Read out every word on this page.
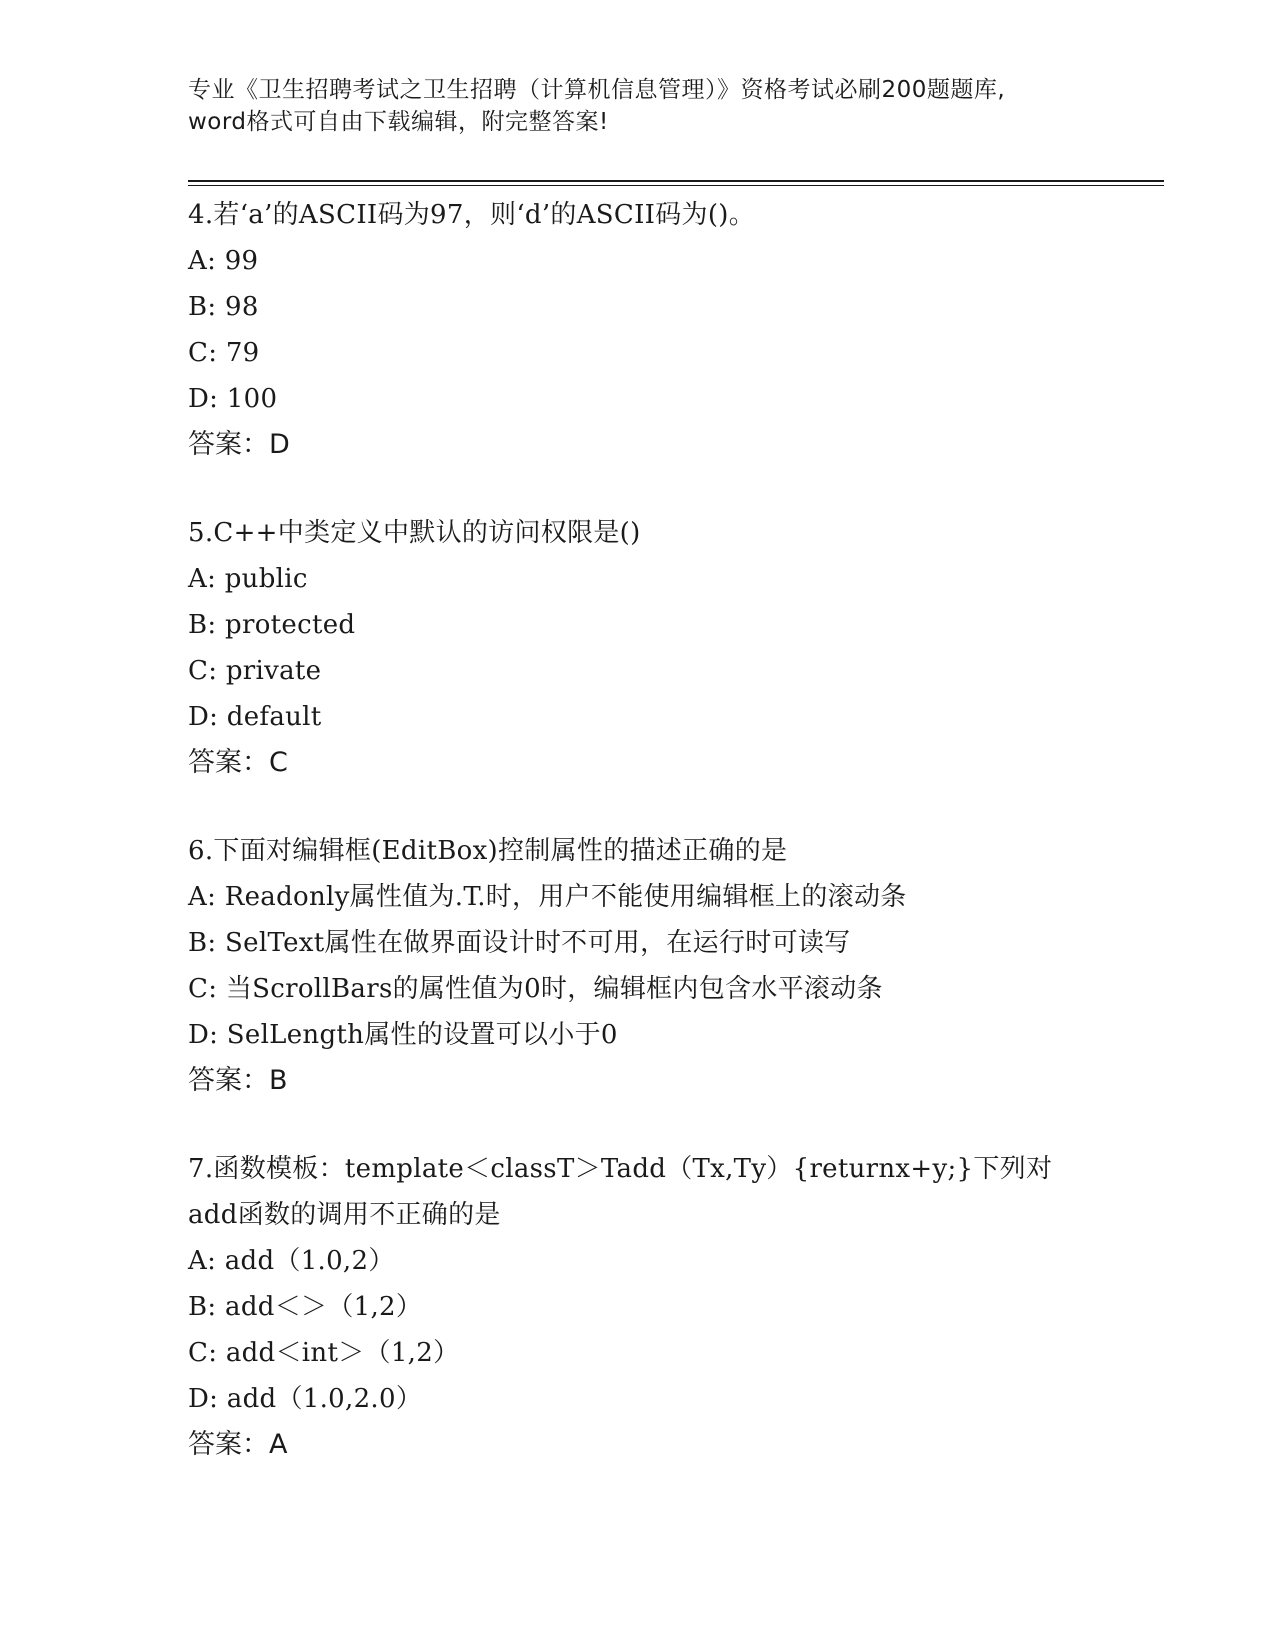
专业《卫生招聘考试之卫生招聘（计算机信息管理）》资格考试必刷200题题库,
word格式可自由下载编辑，附完整答案!
4.若‘a’的ASCII码为97，则‘d’的ASCII码为()。
A: 99
B: 98
C: 79
D: 100
答案：D
5.C++中类定义中默认的访问权限是()
A: public
B: protected
C: private
D: default
答案：C
6.下面对编辑框(EditBox)控制属性的描述正确的是
A: Readonly属性值为.T.时，用户不能使用编辑框上的滚动条
B: SelText属性在做界面设计时不可用，在运行时可读写
C: 当ScrollBars的属性值为0时，编辑框内包含水平滚动条
D: SelLength属性的设置可以小于0
答案：B
7.函数模板：template＜classT＞Tadd（Tx,Ty）{returnx+y;}下列对
add函数的调用不正确的是
A: add（1.0,2）
B: add＜＞（1,2）
C: add＜int＞（1,2）
D: add（1.0,2.0）
答案：A
